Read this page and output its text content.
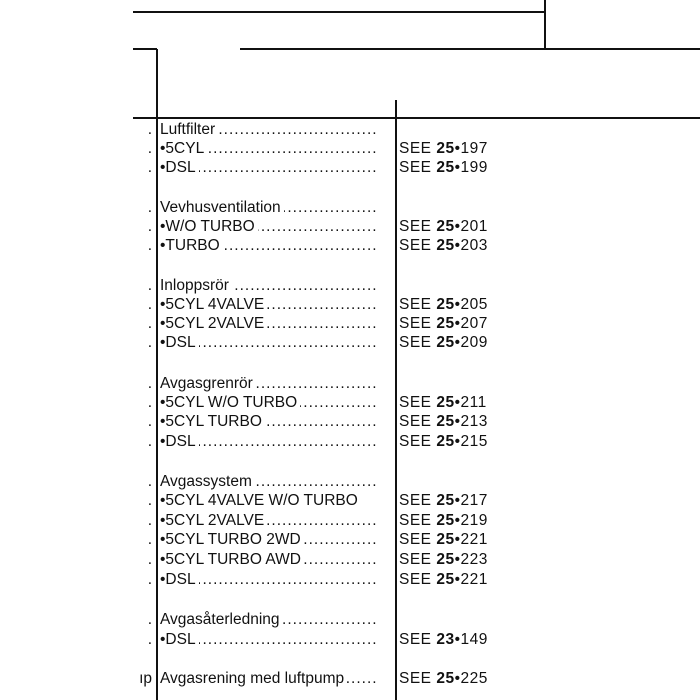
. Luftfilter .....
. •5CYL .....	SEE 25•197
. •DSL .....	SEE 25•199
. Vevhusventilation .....
. •W/O TURBO .....	SEE 25•201
. •TURBO .....	SEE 25•203
. Inloppsrör .....
. •5CYL 4VALVE .....	SEE 25•205
. •5CYL 2VALVE .....	SEE 25•207
. •DSL .....	SEE 25•209
. Avgasgrenrör .....
. •5CYL W/O TURBO .....	SEE 25•211
. •5CYL TURBO .....	SEE 25•213
. •DSL .....	SEE 25•215
. Avgassystem .....
. •5CYL 4VALVE W/O TURBO	SEE 25•217
. •5CYL 2VALVE .....	SEE 25•219
. •5CYL TURBO 2WD .....	SEE 25•221
. •5CYL TURBO AWD .....	SEE 25•223
. •DSL .....	SEE 25•221
. Avgasåterledning .....
. •DSL .....	SEE 23•149
ıp Avgasrening med luftpump .....	SEE 25•225
